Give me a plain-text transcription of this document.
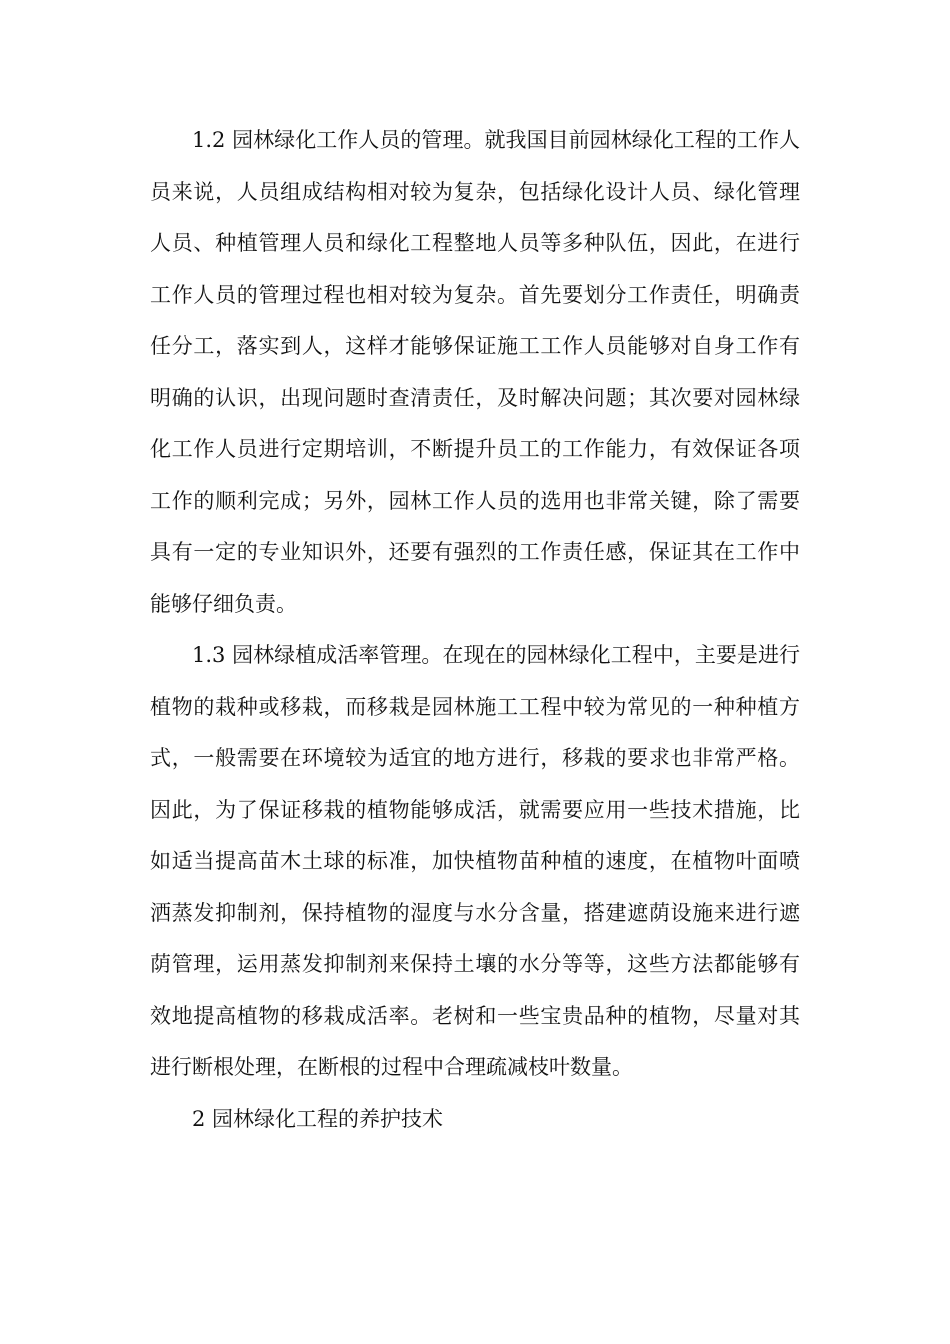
1.2 园林绿化工作人员的管理。就我国目前园林绿化工程的工作人员来说，人员组成结构相对较为复杂，包括绿化设计人员、绿化管理人员、种植管理人员和绿化工程整地人员等多种队伍，因此，在进行工作人员的管理过程也相对较为复杂。首先要划分工作责任，明确责任分工，落实到人，这样才能够保证施工工作人员能够对自身工作有明确的认识，出现问题时查清责任，及时解决问题；其次要对园林绿化工作人员进行定期培训，不断提升员工的工作能力，有效保证各项工作的顺利完成；另外，园林工作人员的选用也非常关键，除了需要具有一定的专业知识外，还要有强烈的工作责任感，保证其在工作中能够仔细负责。

1.3 园林绿植成活率管理。在现在的园林绿化工程中，主要是进行植物的栽种或移栽，而移栽是园林施工工程中较为常见的一种种植方式，一般需要在环境较为适宜的地方进行，移栽的要求也非常严格。因此，为了保证移栽的植物能够成活，就需要应用一些技术措施，比如适当提高苗木土球的标准，加快植物苗种植的速度，在植物叶面喷洒蒸发抑制剂，保持植物的湿度与水分含量，搭建遮荫设施来进行遮荫管理，运用蒸发抑制剂来保持土壤的水分等等，这些方法都能够有效地提高植物的移栽成活率。老树和一些宝贵品种的植物，尽量对其进行断根处理，在断根的过程中合理疏减枝叶数量。

2 园林绿化工程的养护技术
